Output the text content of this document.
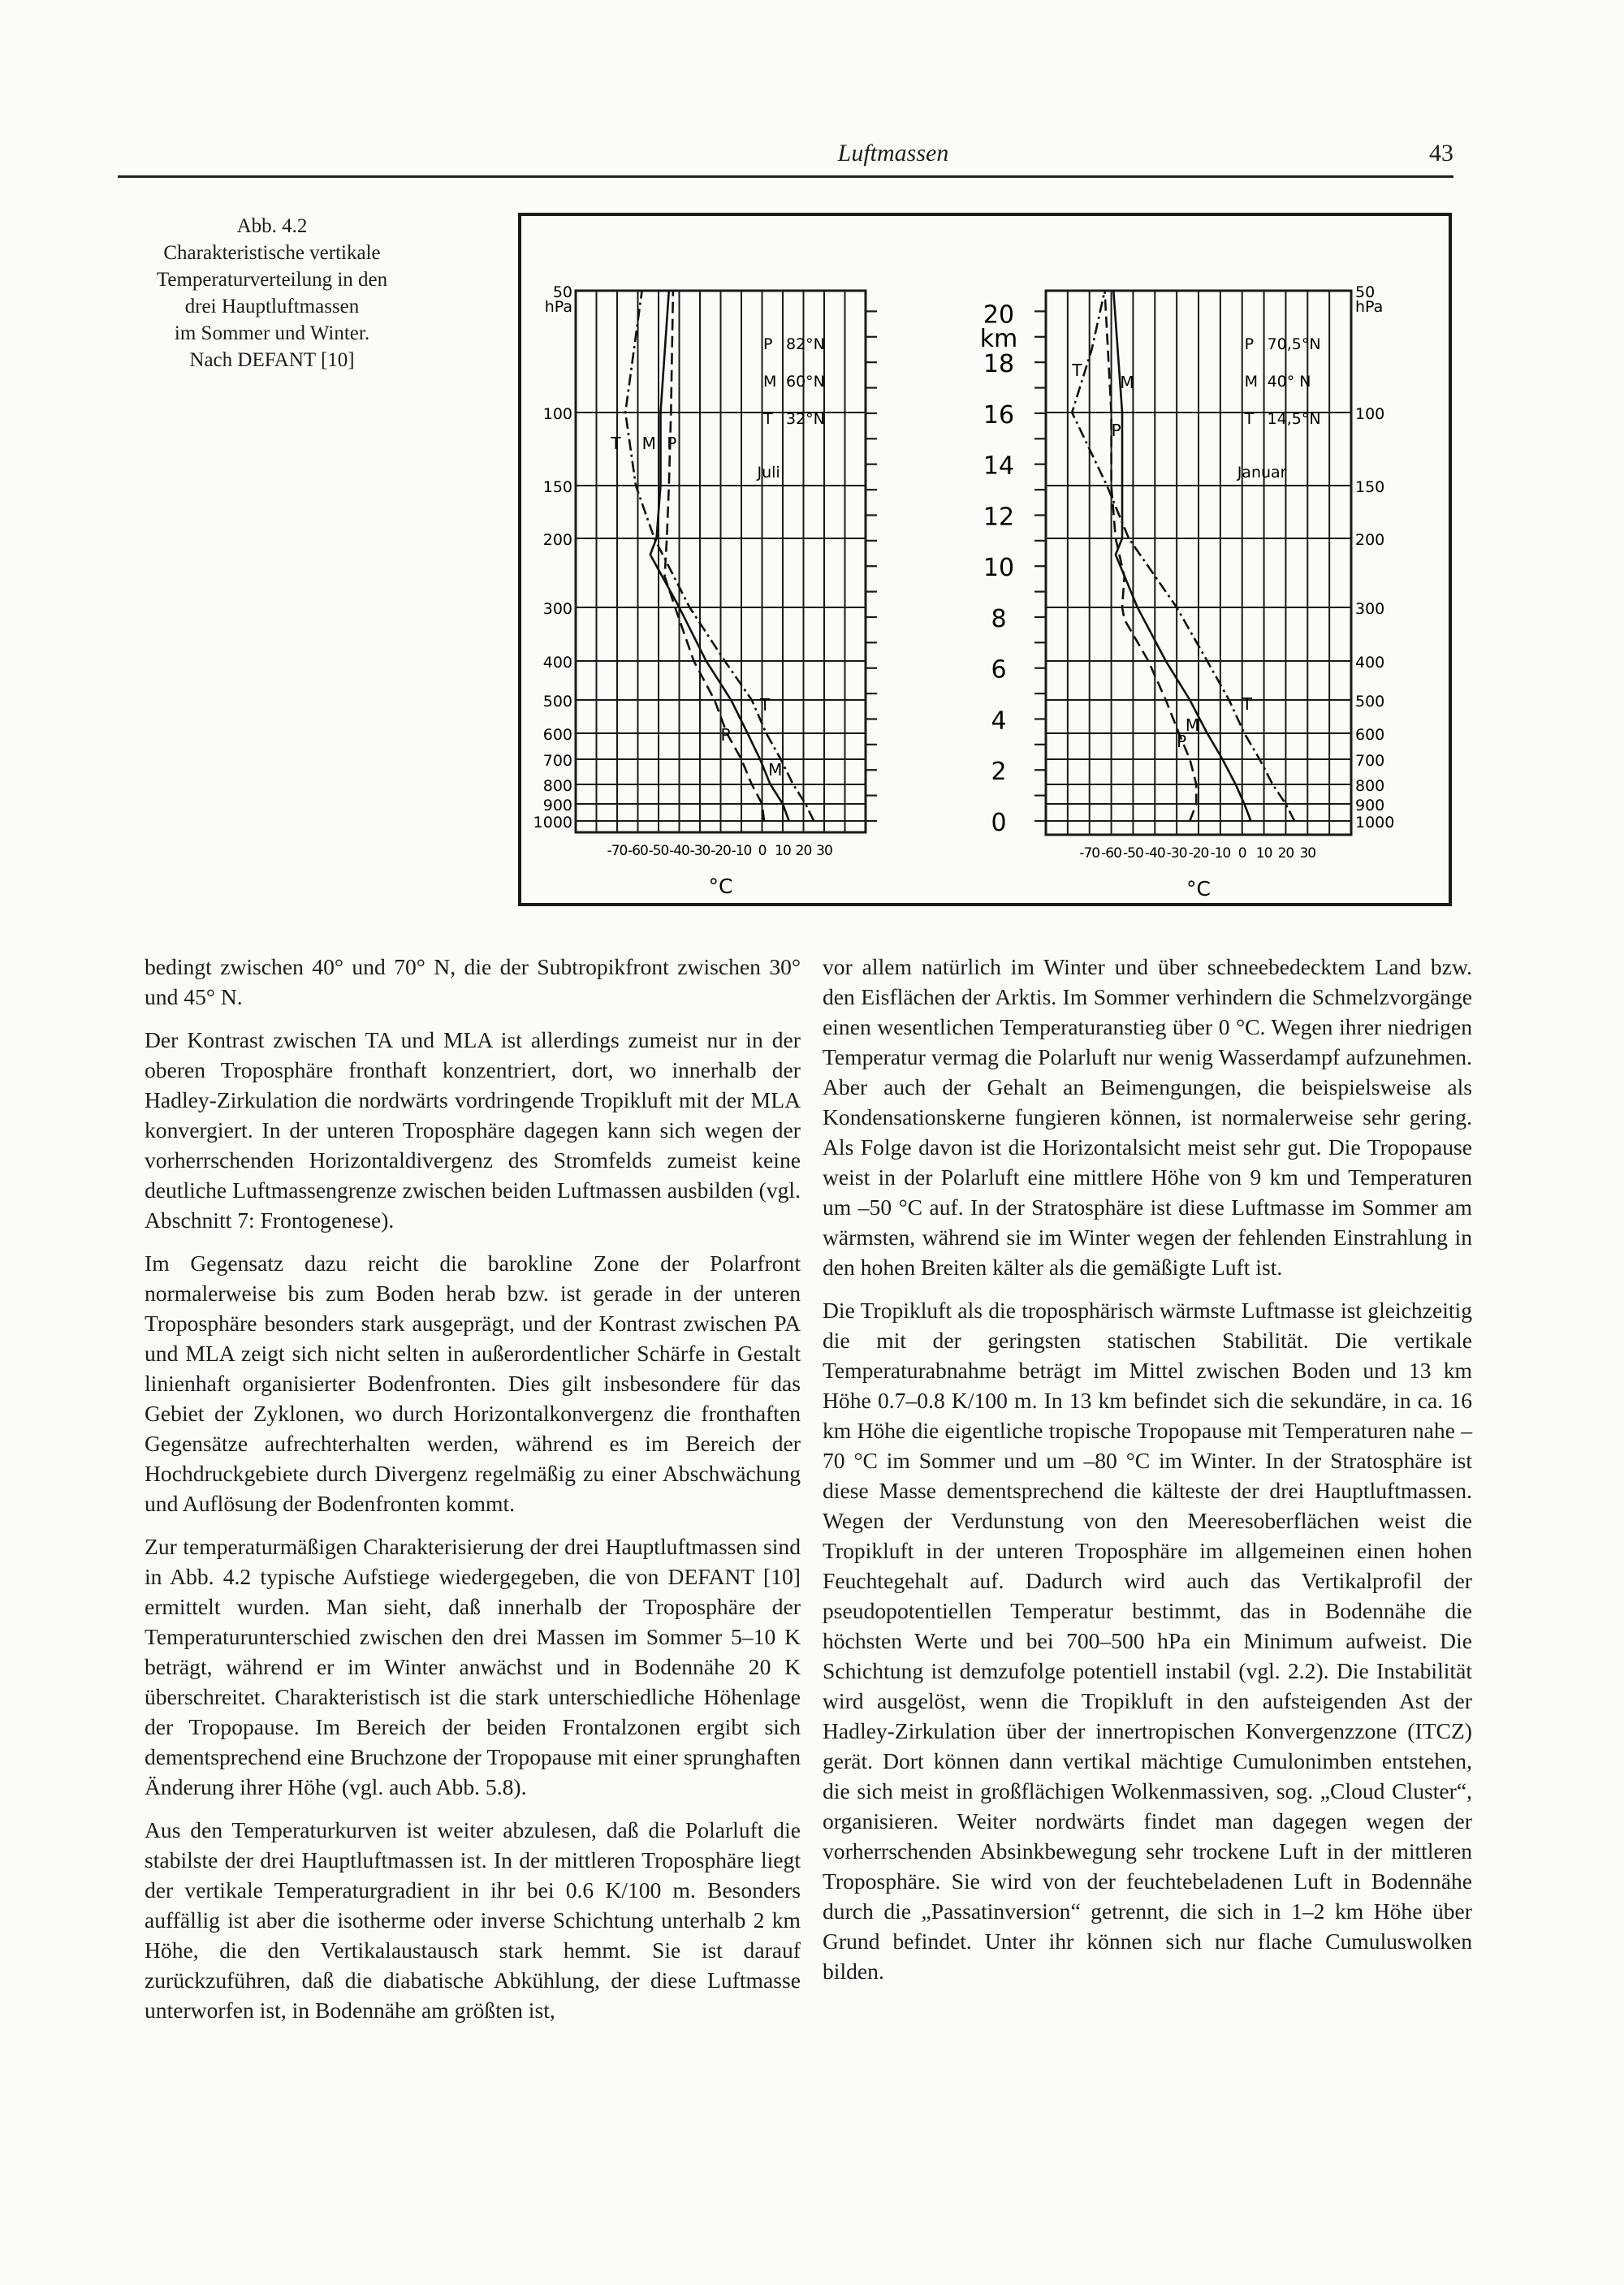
Luftmassen	43
Abb. 4.2
Charakteristische vertikale
Temperaturverteilung in den
drei Hauptluftmassen
im Sommer und Winter.
Nach DEFANT [10]
50
100
150
200
300
400
500
600
700
800
900
1000
hPa
-70 -60 -50 -40 -30 -20 -10 0 10 20 30
°C
P 82°N
M 60°N
T 32°N
Juli
T M P
T
P
M
20
18
16
14
12
10
8
6
4
2
0
km
50
100
150
200
300
400
500
600
700
800
900
1000
hPa
-70 -60 -50 -40 -30 -20 -10 0 10 20 30
°C
P 70,5°N
M 40° N
T 14,5°N
Januar
T
M
P
T
M
P

bedingt zwischen 40° und 70° N, die der Subtropikfront zwischen 30° und 45° N.

Der Kontrast zwischen TA und MLA ist allerdings zumeist nur in der oberen Troposphäre fronthaft konzentriert, dort, wo innerhalb der Hadley-Zirkulation die nordwärts vordringende Tropikluft mit der MLA konvergiert. In der unteren Troposphäre dagegen kann sich wegen der vorherrschenden Horizontaldivergenz des Stromfelds zumeist keine deutliche Luftmassengrenze zwischen beiden Luftmassen ausbilden (vgl. Abschnitt 7: Frontogenese).

Im Gegensatz dazu reicht die barokline Zone der Polarfront normalerweise bis zum Boden herab bzw. ist gerade in der unteren Troposphäre besonders stark ausgeprägt, und der Kontrast zwischen PA und MLA zeigt sich nicht selten in außerordentlicher Schärfe in Gestalt linienhaft organisierter Bodenfronten. Dies gilt insbesondere für das Gebiet der Zyklonen, wo durch Horizontalkonvergenz die fronthaften Gegensätze aufrechterhalten werden, während es im Bereich der Hochdruckgebiete durch Divergenz regelmäßig zu einer Abschwächung und Auflösung der Bodenfronten kommt.

Zur temperaturmäßigen Charakterisierung der drei Hauptluftmassen sind in Abb. 4.2 typische Aufstiege wiedergegeben, die von DEFANT [10] ermittelt wurden. Man sieht, daß innerhalb der Troposphäre der Temperaturunterschied zwischen den drei Massen im Sommer 5–10 K beträgt, während er im Winter anwächst und in Bodennähe 20 K überschreitet. Charakteristisch ist die stark unterschiedliche Höhenlage der Tropopause. Im Bereich der beiden Frontalzonen ergibt sich dementsprechend eine Bruchzone der Tropopause mit einer sprunghaften Änderung ihrer Höhe (vgl. auch Abb. 5.8).

Aus den Temperaturkurven ist weiter abzulesen, daß die Polarluft die stabilste der drei Hauptluftmassen ist. In der mittleren Troposphäre liegt der vertikale Temperaturgradient in ihr bei 0.6 K/100 m. Besonders auffällig ist aber die isotherme oder inverse Schichtung unterhalb 2 km Höhe, die den Vertikalaustausch stark hemmt. Sie ist darauf zurückzuführen, daß die diabatische Abkühlung, der diese Luftmasse unterworfen ist, in Bodennähe am größten ist,

vor allem natürlich im Winter und über schneebedecktem Land bzw. den Eisflächen der Arktis. Im Sommer verhindern die Schmelzvorgänge einen wesentlichen Temperaturanstieg über 0 °C. Wegen ihrer niedrigen Temperatur vermag die Polarluft nur wenig Wasserdampf aufzunehmen. Aber auch der Gehalt an Beimengungen, die beispielsweise als Kondensationskerne fungieren können, ist normalerweise sehr gering. Als Folge davon ist die Horizontalsicht meist sehr gut. Die Tropopause weist in der Polarluft eine mittlere Höhe von 9 km und Temperaturen um –50 °C auf. In der Stratosphäre ist diese Luftmasse im Sommer am wärmsten, während sie im Winter wegen der fehlenden Einstrahlung in den hohen Breiten kälter als die gemäßigte Luft ist.

Die Tropikluft als die troposphärisch wärmste Luftmasse ist gleichzeitig die mit der geringsten statischen Stabilität. Die vertikale Temperaturabnahme beträgt im Mittel zwischen Boden und 13 km Höhe 0.7–0.8 K/100 m. In 13 km befindet sich die sekundäre, in ca. 16 km Höhe die eigentliche tropische Tropopause mit Temperaturen nahe –70 °C im Sommer und um –80 °C im Winter. In der Stratosphäre ist diese Masse dementsprechend die kälteste der drei Hauptluftmassen. Wegen der Verdunstung von den Meeresoberflächen weist die Tropikluft in der unteren Troposphäre im allgemeinen einen hohen Feuchtegehalt auf. Dadurch wird auch das Vertikalprofil der pseudopotentiellen Temperatur bestimmt, das in Bodennähe die höchsten Werte und bei 700–500 hPa ein Minimum aufweist. Die Schichtung ist demzufolge potentiell instabil (vgl. 2.2). Die Instabilität wird ausgelöst, wenn die Tropikluft in den aufsteigenden Ast der Hadley-Zirkulation über der innertropischen Konvergenzzone (ITCZ) gerät. Dort können dann vertikal mächtige Cumulonimben entstehen, die sich meist in großflächigen Wolkenmassiven, sog. „Cloud Cluster“, organisieren. Weiter nordwärts findet man dagegen wegen der vorherrschenden Absinkbewegung sehr trockene Luft in der mittleren Troposphäre. Sie wird von der feuchtebeladenen Luft in Bodennähe durch die „Passatinversion“ getrennt, die sich in 1–2 km Höhe über Grund befindet. Unter ihr können sich nur flache Cumuluswolken bilden.
